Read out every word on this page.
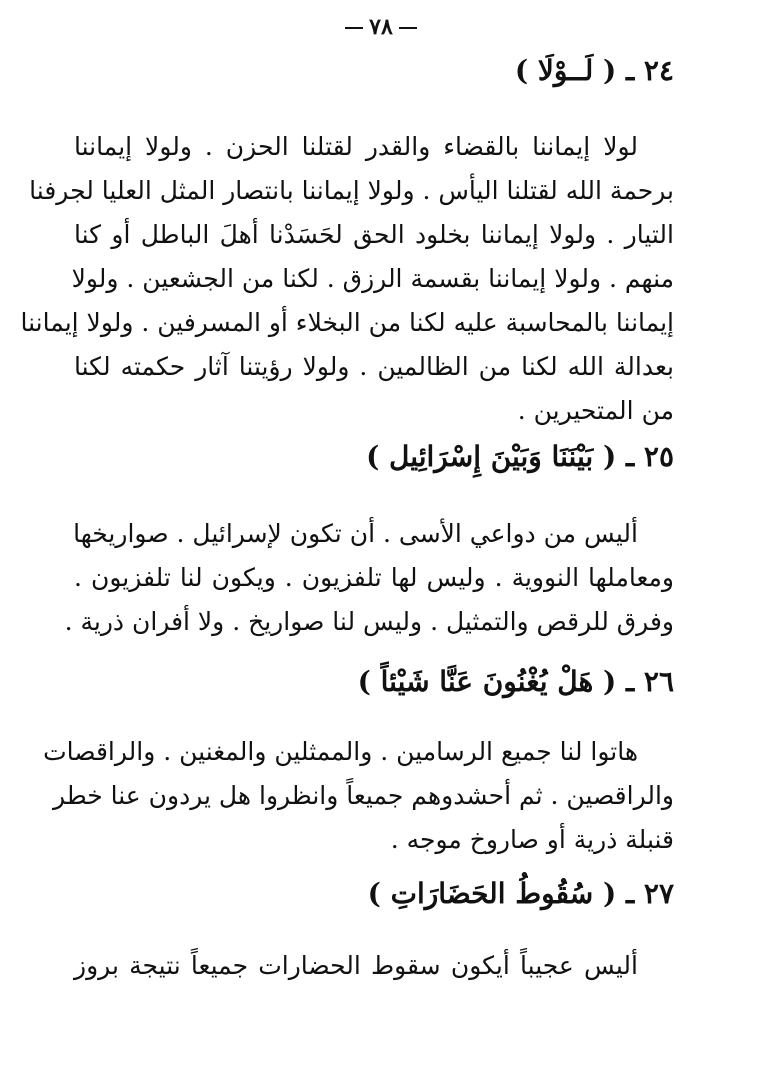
٧٨
٢٤ ـ ( لَــوْلَا )
لولا إيماننا بالقضاء والقدر لقتلنا الحزن . ولولا إيماننا
برحمة الله لقتلنا اليأس . ولولا إيماننا بانتصار المثل العليا لجرفنا
التيار . ولولا إيماننا بخلود الحق لحَسَدْنا أهلَ الباطل أو كنا
منهم . ولولا إيماننا بقسمة الرزق . لكنا من الجشعين . ولولا
إيماننا بالمحاسبة عليه لكنا من البخلاء أو المسرفين . ولولا إيماننا
بعدالة الله لكنا من الظالمين . ولولا رؤيتنا آثار حكمته لكنا
من المتحيرين .
٢٥ ـ ( بَيْنَنَا وَبَيْنَ إِسْرَائِيل )
أليس من دواعي الأسى . أن تكون لإسرائيل . صواريخها
ومعاملها النووية . وليس لها تلفزيون . ويكون لنا تلفزيون .
وفرق للرقص والتمثيل . وليس لنا صواريخ . ولا أفران ذرية .
٢٦ ـ ( هَلْ يُغْنُونَ عَنَّا شَيْئاً )
هاتوا لنا جميع الرسامين . والممثلين والمغنين . والراقصات
والراقصين . ثم أحشدوهم جميعاً وانظروا هل يردون عنا خطر
قنبلة ذرية أو صاروخ موجه .
٢٧ ـ ( سُقُوطُ الحَضَارَاتِ )
أليس عجيباً أيكون سقوط الحضارات جميعاً نتيجة بروز
